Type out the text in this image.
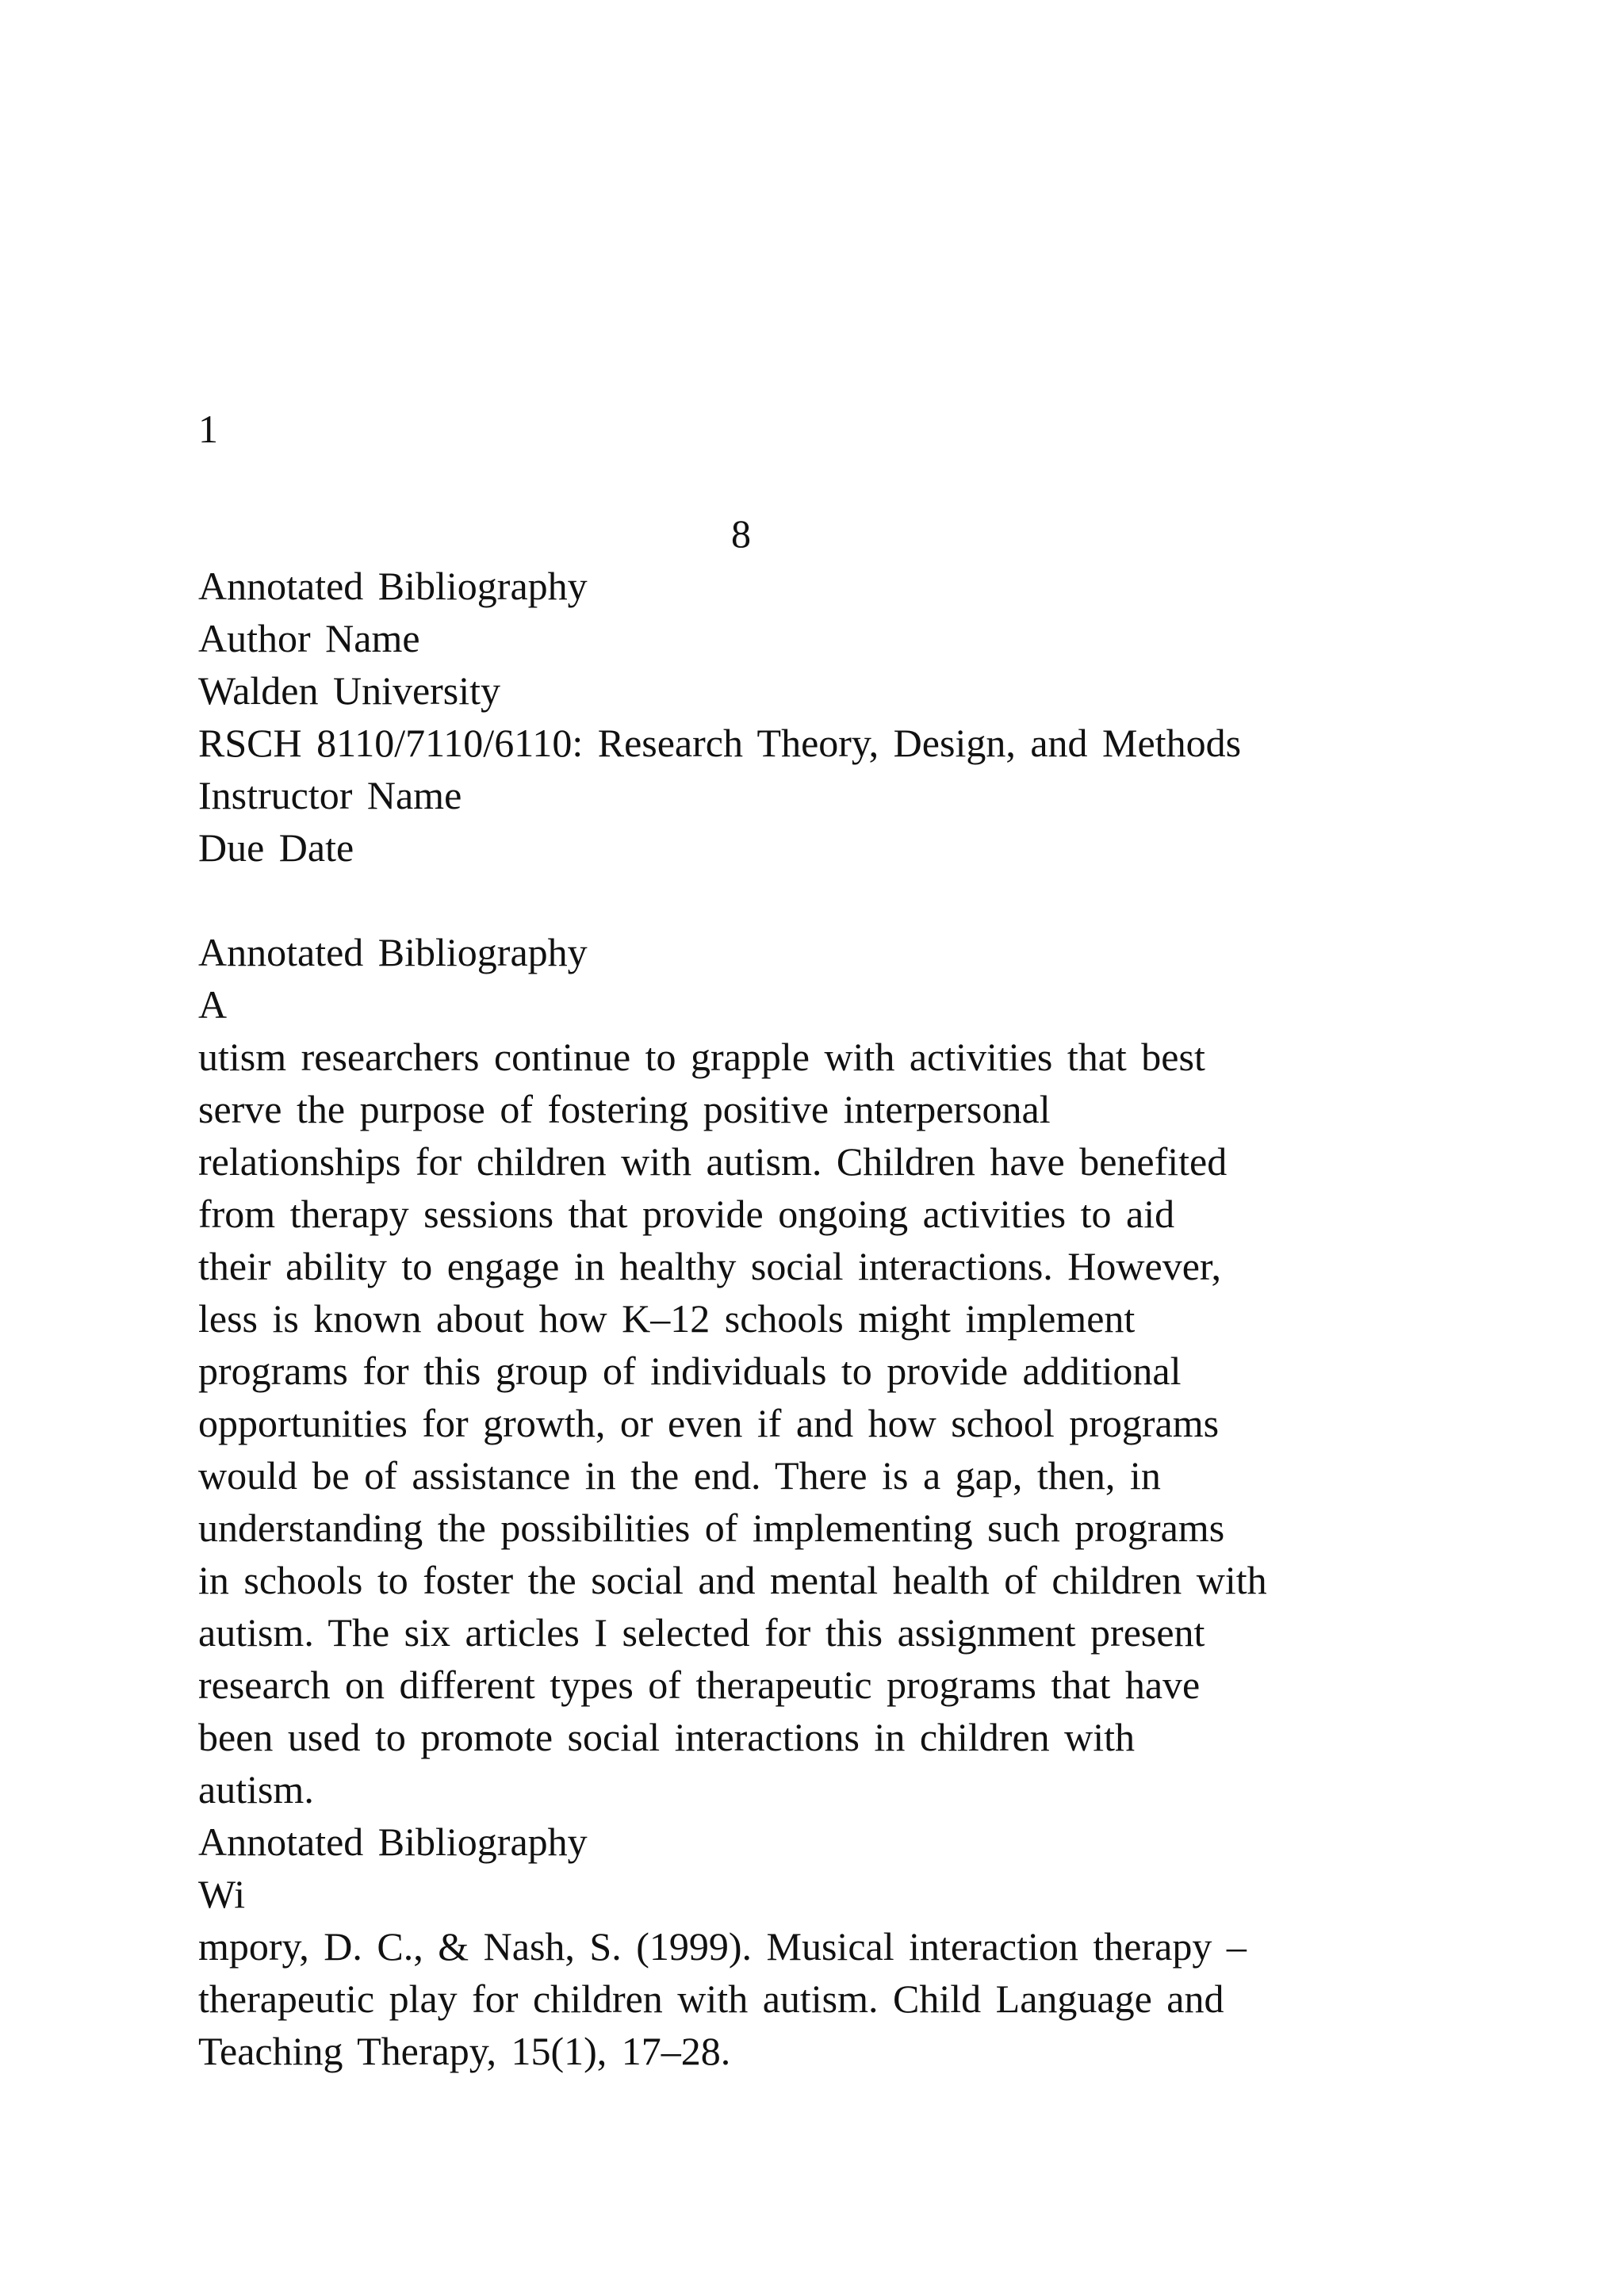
1
8
Annotated Bibliography
Author Name
Walden University
RSCH 8110/7110/6110: Research Theory, Design, and Methods
Instructor Name
Due Date
Annotated Bibliography
A
utism researchers continue to grapple with activities that best
serve the purpose of fostering positive interpersonal
relationships for children with autism. Children have benefited
from therapy sessions that provide ongoing activities to aid
their ability to engage in healthy social interactions. However,
less is known about how K–12 schools might implement
programs for this group of individuals to provide additional
opportunities for growth, or even if and how school programs
would be of assistance in the end. There is a gap, then, in
understanding the possibilities of implementing such programs
in schools to foster the social and mental health of children with
autism. The six articles I selected for this assignment present
research on different types of therapeutic programs that have
been used to promote social interactions in children with
autism.
Annotated Bibliography
Wi
mpory, D. C., & Nash, S. (1999). Musical interaction therapy –
therapeutic play for children with autism. Child Language and
Teaching Therapy, 15(1), 17–28.
